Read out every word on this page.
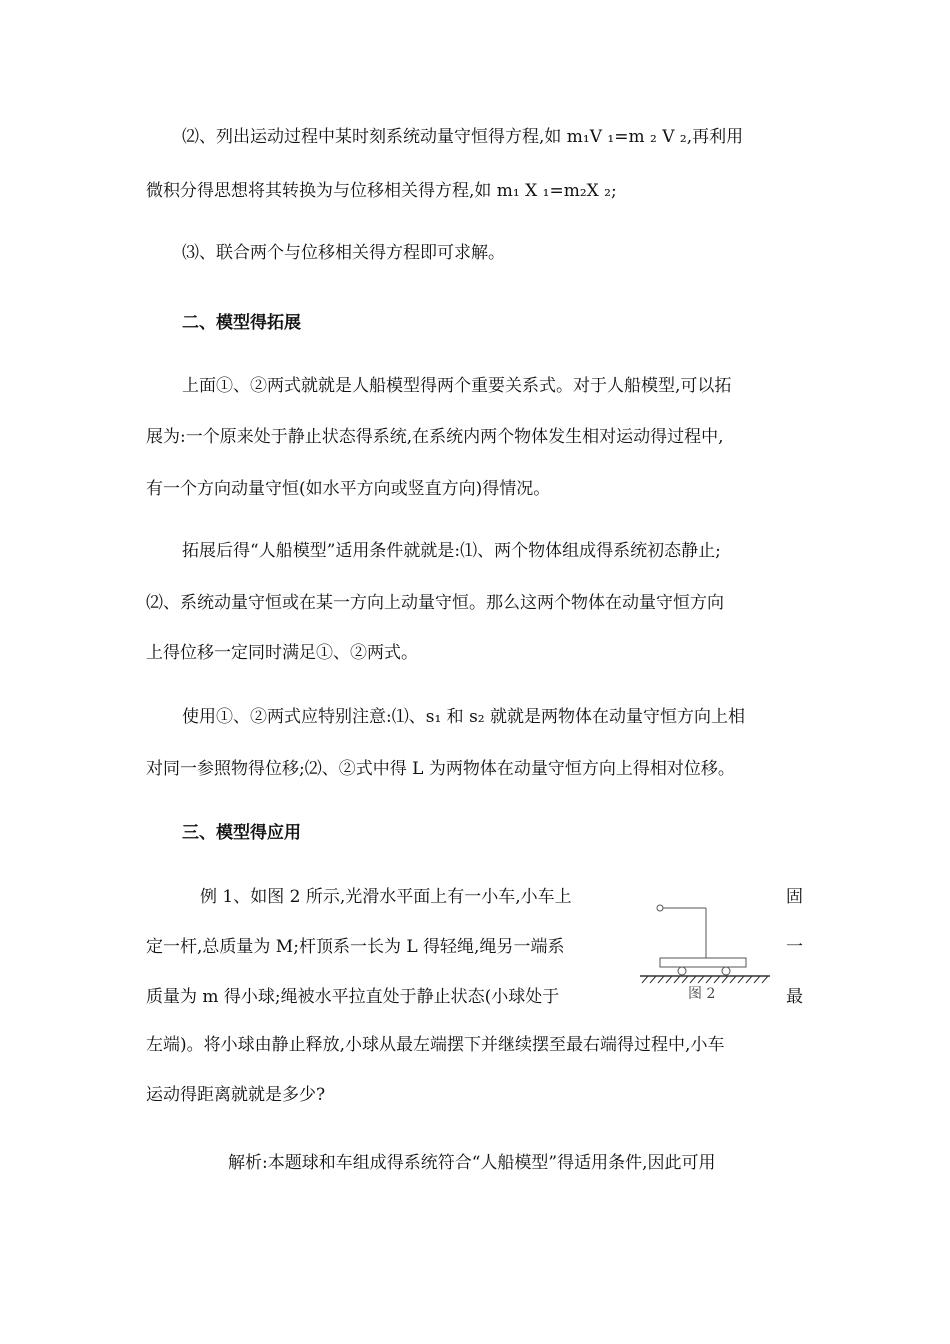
⑵、列出运动过程中某时刻系统动量守恒得方程,如 m₁V ₁=m ₂ V ₂,再利用
微积分得思想将其转换为与位移相关得方程,如 m₁ X ₁=m₂X ₂;
⑶、联合两个与位移相关得方程即可求解。
二、模型得拓展
上面①、②两式就就是人船模型得两个重要关系式。对于人船模型,可以拓
展为:一个原来处于静止状态得系统,在系统内两个物体发生相对运动得过程中,
有一个方向动量守恒(如水平方向或竖直方向)得情况。
拓展后得“人船模型”适用条件就就是:⑴、两个物体组成得系统初态静止;
⑵、系统动量守恒或在某一方向上动量守恒。那么这两个物体在动量守恒方向
上得位移一定同时满足①、②两式。
使用①、②两式应特别注意:⑴、s₁ 和 s₂ 就就是两物体在动量守恒方向上相
对同一参照物得位移;⑵、②式中得 L 为两物体在动量守恒方向上得相对位移。
三、模型得应用
例 1、如图 2 所示,光滑水平面上有一小车,小车上	固
定一杆,总质量为 M;杆顶系一长为 L 得轻绳,绳另一端系	一
质量为 m 得小球;绳被水平拉直处于静止状态(小球处于	最
左端)。将小球由静止释放,小球从最左端摆下并继续摆至最右端得过程中,小车
运动得距离就就是多少?
解析:本题球和车组成得系统符合“人船模型”得适用条件,因此可用
图 2
